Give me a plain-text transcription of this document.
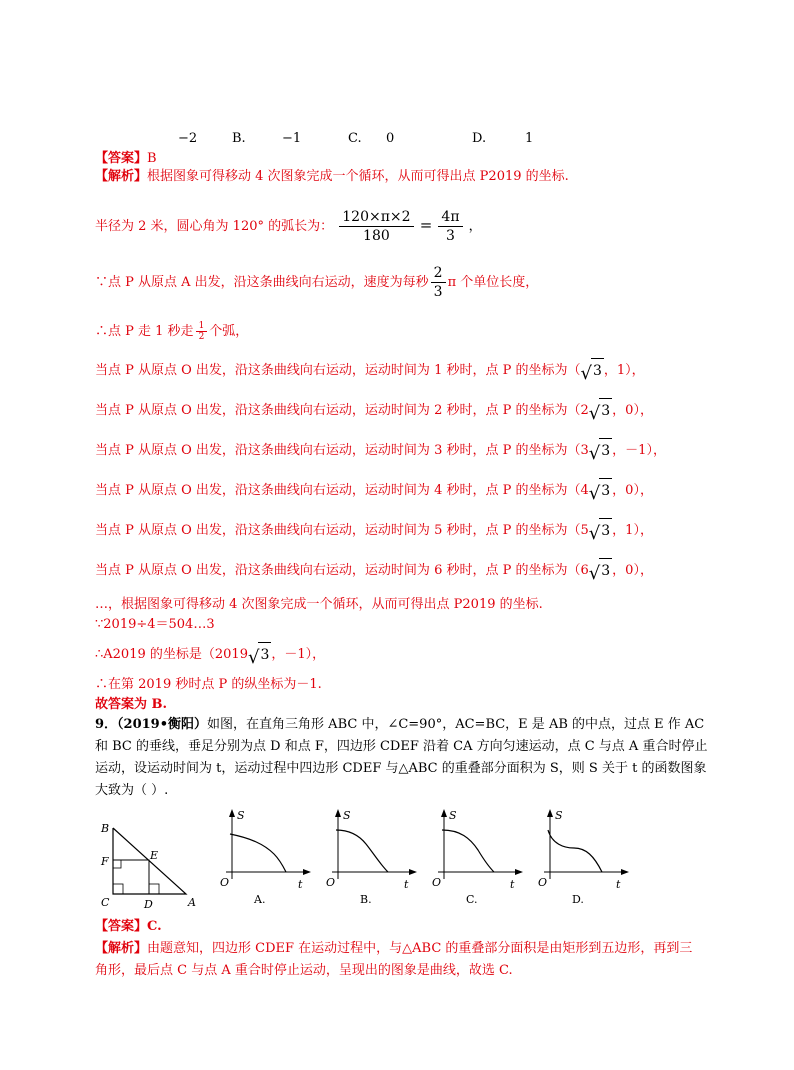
−2	B.	−1	C. 0	D.	1
【答案】B
【解析】根据图象可得移动 4 次图象完成一个循环，从而可得出点 P2019 的坐标.
半径为 2 米，圆心角为 120° 的弧长为： $\frac{120\times\pi\times 2}{180} = \frac{4\pi}{3}$ ，
∵点 P 从原点 A 出发，沿这条曲线向右运动，速度为每秒 $\frac{2}{3}$ π 个单位长度，
∴点 P 走 1 秒走 $\frac{1}{2}$ 个弧，
当点 P 从原点 O 出发，沿这条曲线向右运动，运动时间为 1 秒时，点 P 的坐标为（ √ 3 ，1），
当点 P 从原点 O 出发，沿这条曲线向右运动，运动时间为 2 秒时，点 P 的坐标为（2 √ 3 ，0），
当点 P 从原点 O 出发，沿这条曲线向右运动，运动时间为 3 秒时，点 P 的坐标为（3 √ 3 ，－1），
当点 P 从原点 O 出发，沿这条曲线向右运动，运动时间为 4 秒时，点 P 的坐标为（4 √ 3 ，0），
当点 P 从原点 O 出发，沿这条曲线向右运动，运动时间为 5 秒时，点 P 的坐标为（5 √ 3 ，1），
当点 P 从原点 O 出发，沿这条曲线向右运动，运动时间为 6 秒时，点 P 的坐标为（6 √ 3 ，0），
…，根据图象可得移动 4 次图象完成一个循环，从而可得出点 P2019 的坐标.
∵2019÷4＝504…3
∴A2019 的坐标是（2019 √ 3 ，－1），
∴在第 2019 秒时点 P 的纵坐标为－1.
故答案为 B.
9．（2019•衡阳）如图，在直角三角形 ABC 中，∠C=90°，AC=BC，E 是 AB 的中点，过点 E 作 AC
和 BC 的垂线，垂足分别为点 D 和点 F，四边形 CDEF 沿着 CA 方向匀速运动，点 C 与点 A 重合时停止
运动，设运动时间为 t，运动过程中四边形 CDEF 与△ABC 的重叠部分面积为 S，则 S 关于 t 的函数图象
大致为（ ）.
B
F	E
C	D	A
S
O	t
A.
S
O	t
B.
S
O	t
C.
S
O	t
D.
【答案】C.
【解析】由题意知，四边形 CDEF 在运动过程中，与△ABC 的重叠部分面积是由矩形到五边形，再到三
角形，最后点 C 与点 A 重合时停止运动，呈现出的图象是曲线，故选 C.
